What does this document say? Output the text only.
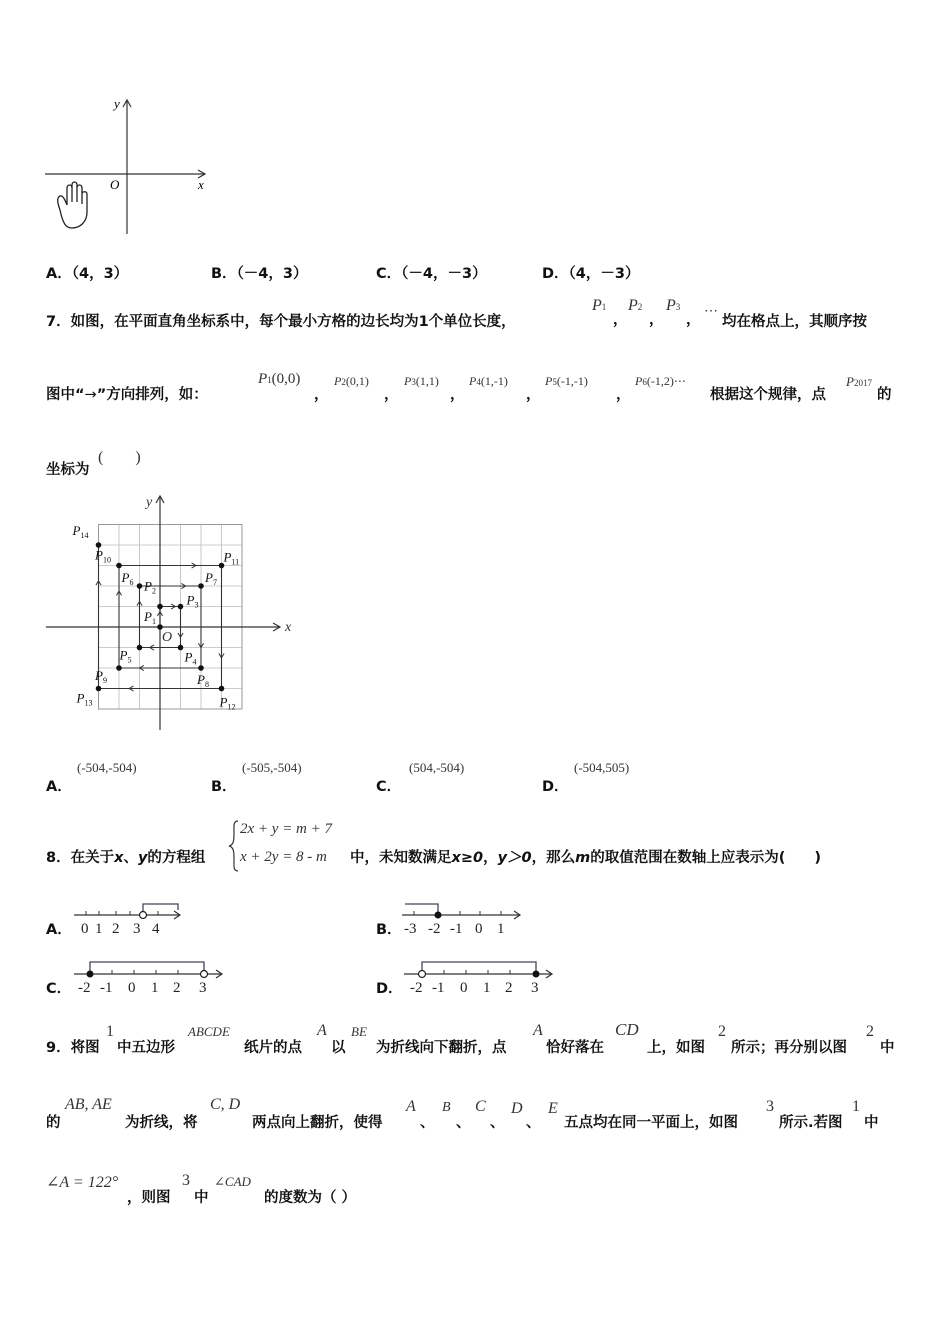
y
x
O
A．（4，3）	B．（－4，3）	C．（－4，－3）	D．（4，－3）
7．如图，在平面直角坐标系中，每个最小方格的边长均为1个单位长度，
P1
，
P2
，
P3
，
⋯
均在格点上，其顺序按
图中“→”方向排列，如：
P1(0,0)
，
P2(0,1)
，
P3(1,1)
，
P4(1,-1)
，
P5(-1,-1)
，
P6(-1,2)⋯
根据这个规律，点
P2017
的
坐标为
(　　)
x
y
O
$P_1$
$P_2$
$P_3$
$P_4$
$P_5$
$P_6$	$P_7$
$P_8$
$P_9$
$P_{10}$	$P_{11}$
$P_{12}$
$P_{13}$
$P_{14}$
A．
(-504,-504)
B．
(-505,-504)
C．
(504,-504)
D．
(-504,505)
8．在关于x、y的方程组
2x + y = m + 7
x + 2y = 8 - m 中，未知数满足x≥0，y＞0，那么m的取值范围在数轴上应表示为(　　)
A．	B．
C．	D．
0 1 2 3 4	-3 -2 -1 0 1
-2 -1 0 1 2 3	-2 -1 0 1 2 3
9．将图
1
中五边形
ABCDE
纸片的点
A
以
BE
为折线向下翻折，点
A
恰好落在
CD
上，如图
2
所示；再分别以图
2
中
的
AB, AE
为折线，将
C, D
两点向上翻折，使得
A
、
B
、
C
、
D
、
E
五点均在同一平面上，如图
3
所示.若图
1
中
∠A = 122°
，则图
3
中
∠CAD
的度数为（ ）
